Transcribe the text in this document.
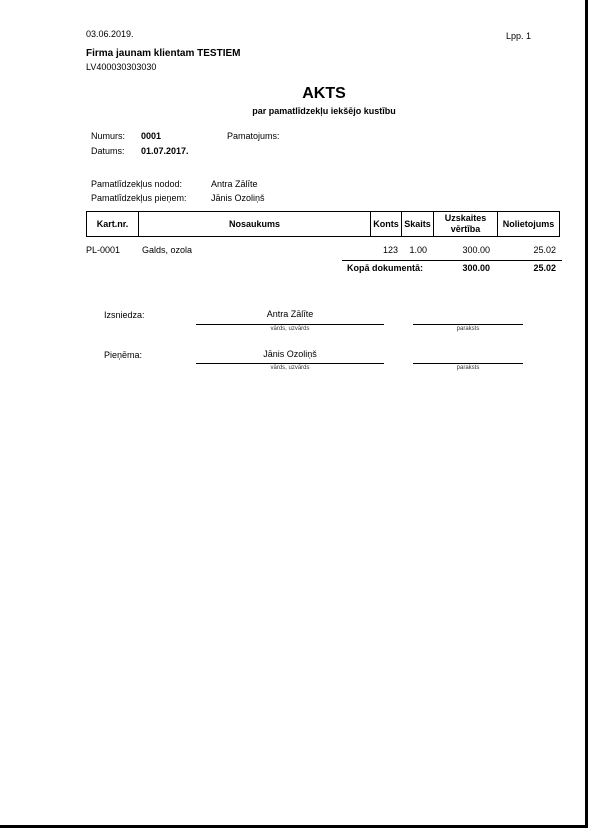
03.06.2019.	Lpp. 1
Firma jaunam klientam TESTIEM
LV400030303030
AKTS
par pamatlīdzekļu iekšējo kustību
Numurs: 0001	Pamatojums:
Datums: 01.07.2017.
Pamatlīdzekļus nodod:	Antra Zālīte
Pamatlīdzekļus pieņem:	Jānis Ozoliņš
Kart.nr.	Nosaukums	Konts	Skaits	Uzskaites vērtība	Nolietojums
PL-0001 Galds, ozola	123	1.00	300.00	25.02
Kopā dokumentā:	300.00	25.02
Izsniedza:	Antra Zālīte
vārds, uzvārds	paraksts
Pieņēma:	Jānis Ozoliņš
vārds, uzvārds	paraksts
